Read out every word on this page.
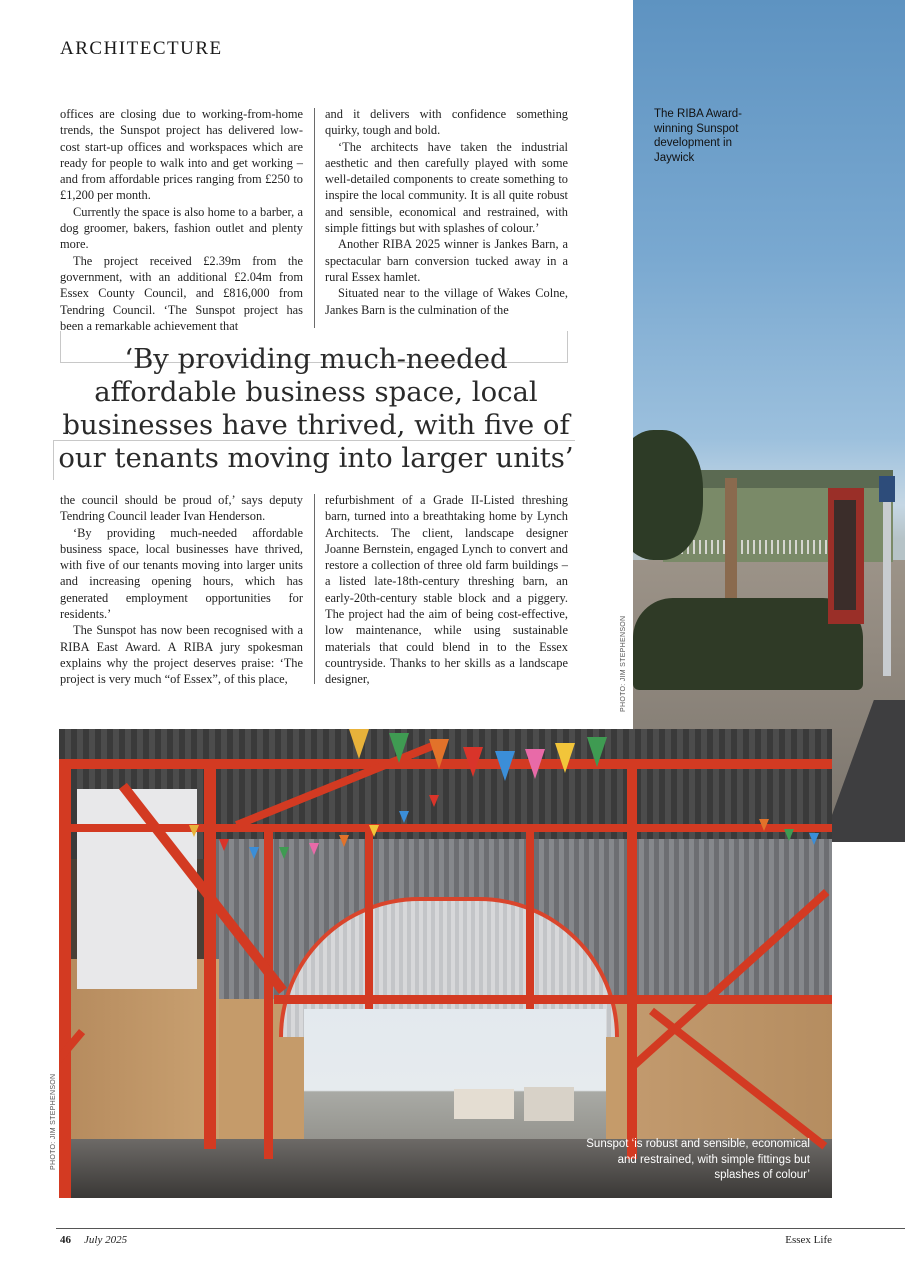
ARCHITECTURE

offices are closing due to working-from-home trends, the Sunspot project has delivered low-cost start-up offices and workspaces which are ready for people to walk into and get working – and from affordable prices ranging from £250 to £1,200 per month.

Currently the space is also home to a barber, a dog groomer, bakers, fashion outlet and plenty more.

The project received £2.39m from the government, with an additional £2.04m from Essex County Council, and £816,000 from Tendring Council. ‘The Sunspot project has been a remarkable achievement that

and it delivers with confidence something quirky, tough and bold.

‘The architects have taken the industrial aesthetic and then carefully played with some well-detailed components to create something to inspire the local community. It is all quite robust and sensible, economical and restrained, with simple fittings but with splashes of colour.’

Another RIBA 2025 winner is Jankes Barn, a spectacular barn conversion tucked away in a rural Essex hamlet.

Situated near to the village of Wakes Colne, Jankes Barn is the culmination of the

‘By providing much-needed
affordable business space, local
businesses have thrived, with five of
our tenants moving into larger units’

the council should be proud of,’ says deputy Tendring Council leader Ivan Henderson.

‘By providing much-needed affordable business space, local businesses have thrived, with five of our tenants moving into larger units and increasing opening hours, which has generated employment opportunities for residents.’

The Sunspot has now been recognised with a RIBA East Award. A RIBA jury spokesman explains why the project deserves praise: ‘The project is very much “of Essex”, of this place,

refurbishment of a Grade II-Listed threshing barn, turned into a breathtaking home by Lynch Architects. The client, landscape designer Joanne Bernstein, engaged Lynch to convert and restore a collection of three old farm buildings – a listed late-18th-century threshing barn, an early-20th-century stable block and a piggery. The project had the aim of being cost-effective, low maintenance, while using sustainable materials that could blend in to the Essex countryside. Thanks to her skills as a landscape designer,

The RIBA Award-winning Sunspot development in Jaywick
PHOTO: JIM STEPHENSON
Sunspot ‘is robust and sensible, economical and restrained, with simple fittings but splashes of colour’
PHOTO: JIM STEPHENSON
46 July 2025	Essex Life
